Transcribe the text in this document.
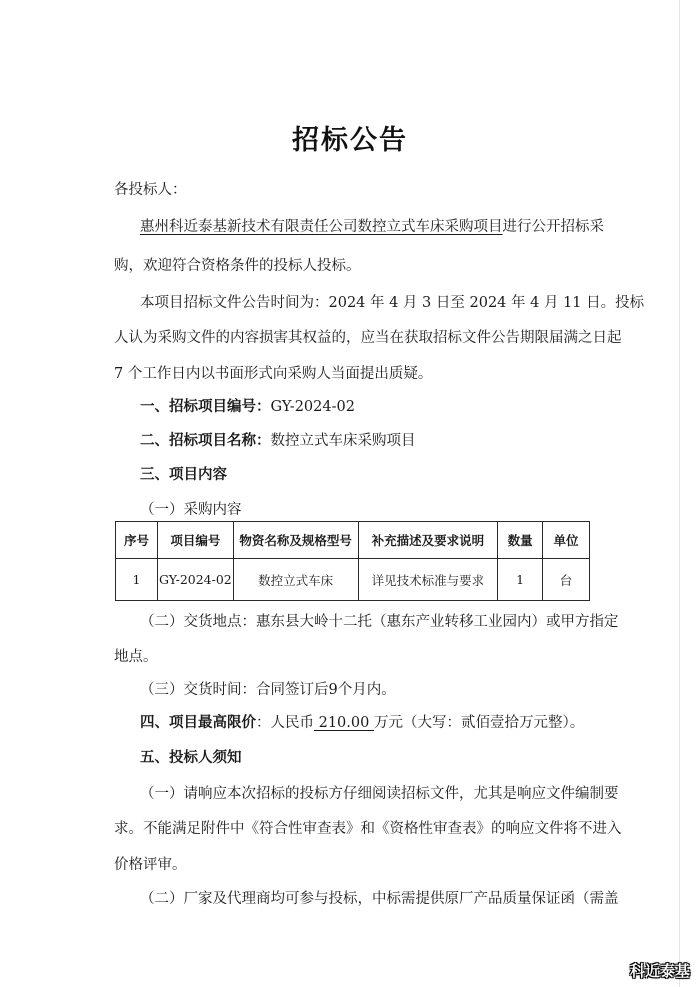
招标公告
各投标人：
惠州科近泰基新技术有限责任公司数控立式车床采购项目进行公开招标采
购，欢迎符合资格条件的投标人投标。
本项目招标文件公告时间为：2024 年 4 月 3 日至 2024 年 4 月 11 日。投标
人认为采购文件的内容损害其权益的，应当在获取招标文件公告期限届满之日起
7 个工作日内以书面形式向采购人当面提出质疑。
一、招标项目编号：GY-2024-02
二、招标项目名称：数控立式车床采购项目
三、项目内容
（一）采购内容
序号	项目编号	物资名称及规格型号	补充描述及要求说明	数量	单位
1	GY-2024-02	数控立式车床	详见技术标准与要求	1	台
（二）交货地点：惠东县大岭十二托（惠东产业转移工业园内）或甲方指定
地点。
（三）交货时间：合同签订后9个月内。
四、项目最高限价：人民币 210.00 万元（大写：贰佰壹拾万元整）。
五、投标人须知
（一）请响应本次招标的投标方仔细阅读招标文件，尤其是响应文件编制要
求。不能满足附件中《符合性审查表》和《资格性审查表》的响应文件将不进入
价格评审。
（二）厂家及代理商均可参与投标，中标需提供原厂产品质量保证函（需盖
科近泰基
